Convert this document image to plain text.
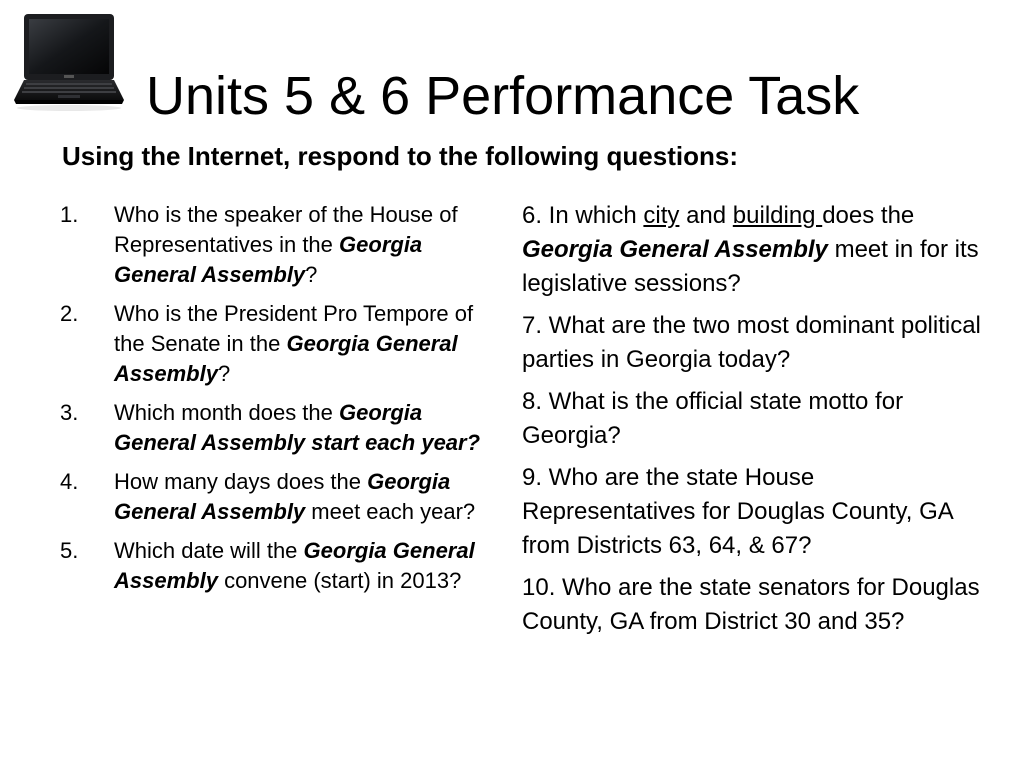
Units 5 & 6 Performance Task
Using the Internet, respond to the following questions:
1. Who is the speaker of the House of Representatives in the Georgia General Assembly?
2. Who is the President Pro Tempore of the Senate in the Georgia General Assembly?
3. Which month does the Georgia General Assembly start each year?
4. How many days does the Georgia General Assembly meet each year?
5. Which date will the Georgia General Assembly convene (start) in 2013?

6. In which city and building does the Georgia General Assembly meet in for its legislative sessions?

7. What are the two most dominant political parties in Georgia today?

8. What is the official state motto for Georgia?

9. Who are the state House Representatives for Douglas County, GA from Districts 63, 64, & 67?

10. Who are the state senators for Douglas County, GA from District 30 and 35?
